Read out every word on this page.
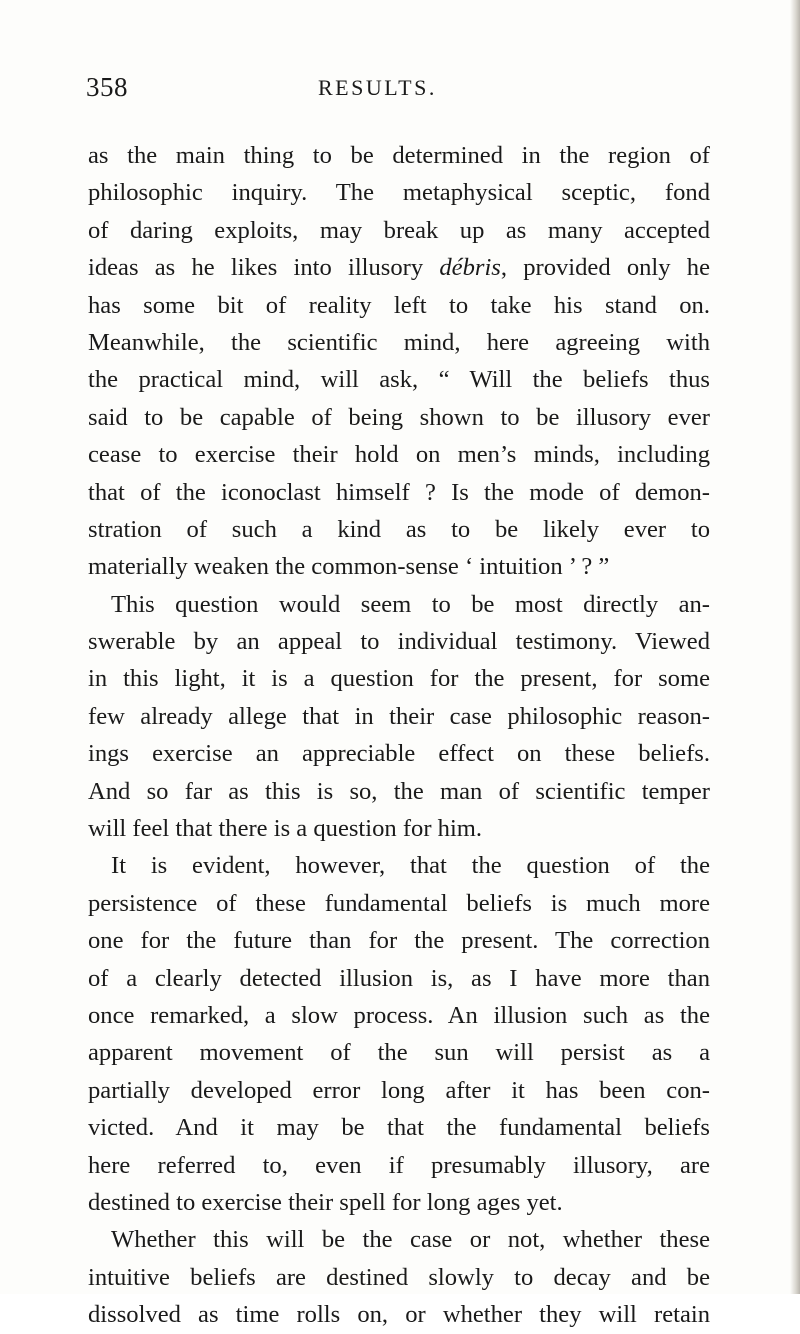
358	RESULTS.
as the main thing to be determined in the region of
philosophic inquiry. The metaphysical sceptic, fond
of daring exploits, may break up as many accepted
ideas as he likes into illusory débris, provided only he
has some bit of reality left to take his stand on.
Meanwhile, the scientific mind, here agreeing with
the practical mind, will ask, “ Will the beliefs thus
said to be capable of being shown to be illusory ever
cease to exercise their hold on men’s minds, including
that of the iconoclast himself ? Is the mode of demon-
stration of such a kind as to be likely ever to
materially weaken the common-sense ‘ intuition ’ ? ”
This question would seem to be most directly an-
swerable by an appeal to individual testimony. Viewed
in this light, it is a question for the present, for some
few already allege that in their case philosophic reason-
ings exercise an appreciable effect on these beliefs.
And so far as this is so, the man of scientific temper
will feel that there is a question for him.
It is evident, however, that the question of the
persistence of these fundamental beliefs is much more
one for the future than for the present. The correction
of a clearly detected illusion is, as I have more than
once remarked, a slow process. An illusion such as the
apparent movement of the sun will persist as a
partially developed error long after it has been con-
victed. And it may be that the fundamental beliefs
here referred to, even if presumably illusory, are
destined to exercise their spell for long ages yet.
Whether this will be the case or not, whether these
intuitive beliefs are destined slowly to decay and be
dissolved as time rolls on, or whether they will retain
